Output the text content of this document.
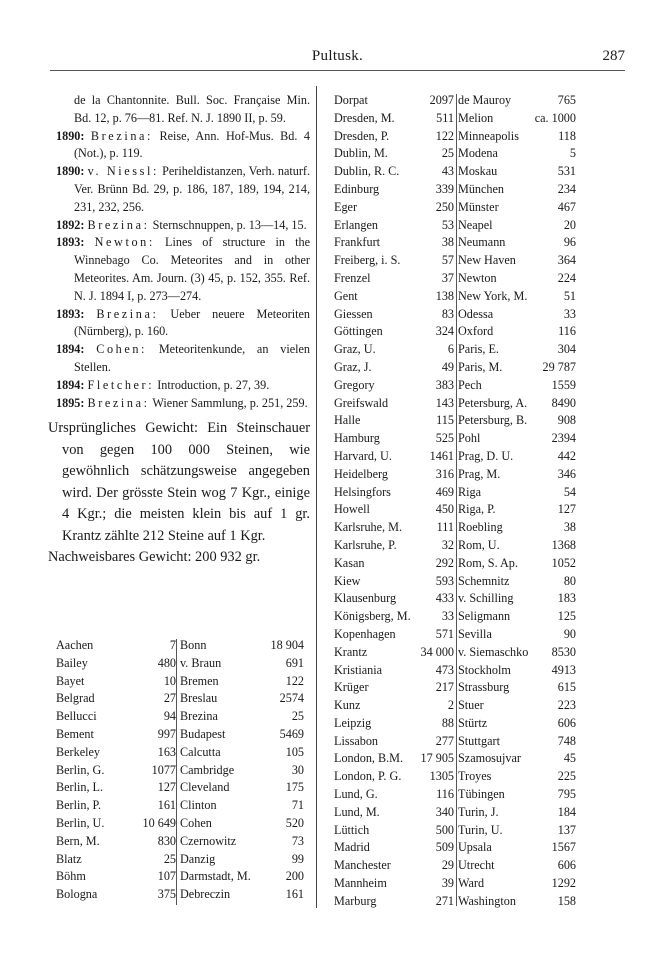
Pultusk.	287
de la Chantonnite. Bull. Soc. Française Min. Bd. 12, p. 76—81. Ref. N. J. 1890 II, p. 59.
1890: Brezina: Reise, Ann. Hof-Mus. Bd. 4 (Not.), p. 119.
1890: v. Niessl: Periheldistanzen, Verh. naturf. Ver. Brünn Bd. 29, p. 186, 187, 189, 194, 214, 231, 232, 256.
1892: Brezina: Sternschnuppen, p. 13—14, 15.
1893: Newton: Lines of structure in the Winnebago Co. Meteorites and in other Meteorites. Am. Journ. (3) 45, p. 152, 355. Ref. N. J. 1894 I, p. 273—274.
1893: Brezina: Ueber neuere Meteoriten (Nürnberg), p. 160.
1894: Cohen: Meteoritenkunde, an vielen Stellen.
1894: Fletcher: Introduction, p. 27, 39.
1895: Brezina: Wiener Sammlung, p. 251, 259.
Ursprüngliches Gewicht: Ein Steinschauer von gegen 100 000 Steinen, wie gewöhnlich schätzungsweise angegeben wird. Der grösste Stein wog 7 Kgr., einige 4 Kgr.; die meisten klein bis auf 1 gr. Krantz zählte 212 Steine auf 1 Kgr.
Nachweisbares Gewicht: 200 932 gr.
Aachen	7
Bailey	480
Bayet	10
Belgrad	27
Bellucci	94
Bement	997
Berkeley	163
Berlin, G.	1077
Berlin, L.	127
Berlin, P.	161
Berlin, U.	10 649
Bern, M.	830
Blatz	25
Böhm	107
Bologna	375
Bonn	18 904
v. Braun	691
Bremen	122
Breslau	2574
Brezina	25
Budapest	5469
Calcutta	105
Cambridge	30
Cleveland	175
Clinton	71
Cohen	520
Czernowitz	73
Danzig	99
Darmstadt, M.	200
Debreczin	161
Dorpat	2097
Dresden, M.	511
Dresden, P.	122
Dublin, M.	25
Dublin, R. C.	43
Edinburg	339
Eger	250
Erlangen	53
Frankfurt	38
Freiberg, i. S.	57
Frenzel	37
Gent	138
Giessen	83
Göttingen	324
Graz, U.	6
Graz, J.	49
Gregory	383
Greifswald	143
Halle	115
Hamburg	525
Harvard, U.	1461
Heidelberg	316
Helsingfors	469
Howell	450
Karlsruhe, M.	111
Karlsruhe, P.	32
Kasan	292
Kiew	593
Klausenburg	433
Königsberg, M.	33
Kopenhagen	571
Krantz	34 000
Kristiania	473
Krüger	217
Kunz	2
Leipzig	88
Lissabon	277
London, B.M. 17 905
London, P. G. 1305
Lund, G.	116
Lund, M.	340
Lüttich	500
Madrid	509
Manchester	29
Mannheim	39
Marburg	271
de Mauroy	765
Melion	ca. 1000
Minneapolis	118
Modena	5
Moskau	531
München	234
Münster	467
Neapel	20
Neumann	96
New Haven	364
Newton	224
New York, M.	51
Odessa	33
Oxford	116
Paris, E.	304
Paris, M.	29 787
Pech	1559
Petersburg, A. 8490
Petersburg, B.	908
Pohl	2394
Prag, D. U.	442
Prag, M.	346
Riga	54
Riga, P.	127
Roebling	38
Rom, U.	1368
Rom, S. Ap.	1052
Schemnitz	80
v. Schilling	183
Seligmann	125
Sevilla	90
v. Siemaschko 8530
Stockholm	4913
Strassburg	615
Stuer	223
Stürtz	606
Stuttgart	748
Szamosujvar	45
Troyes	225
Tübingen	795
Turin, J.	184
Turin, U.	137
Upsala	1567
Utrecht	606
Ward	1292
Washington	158
